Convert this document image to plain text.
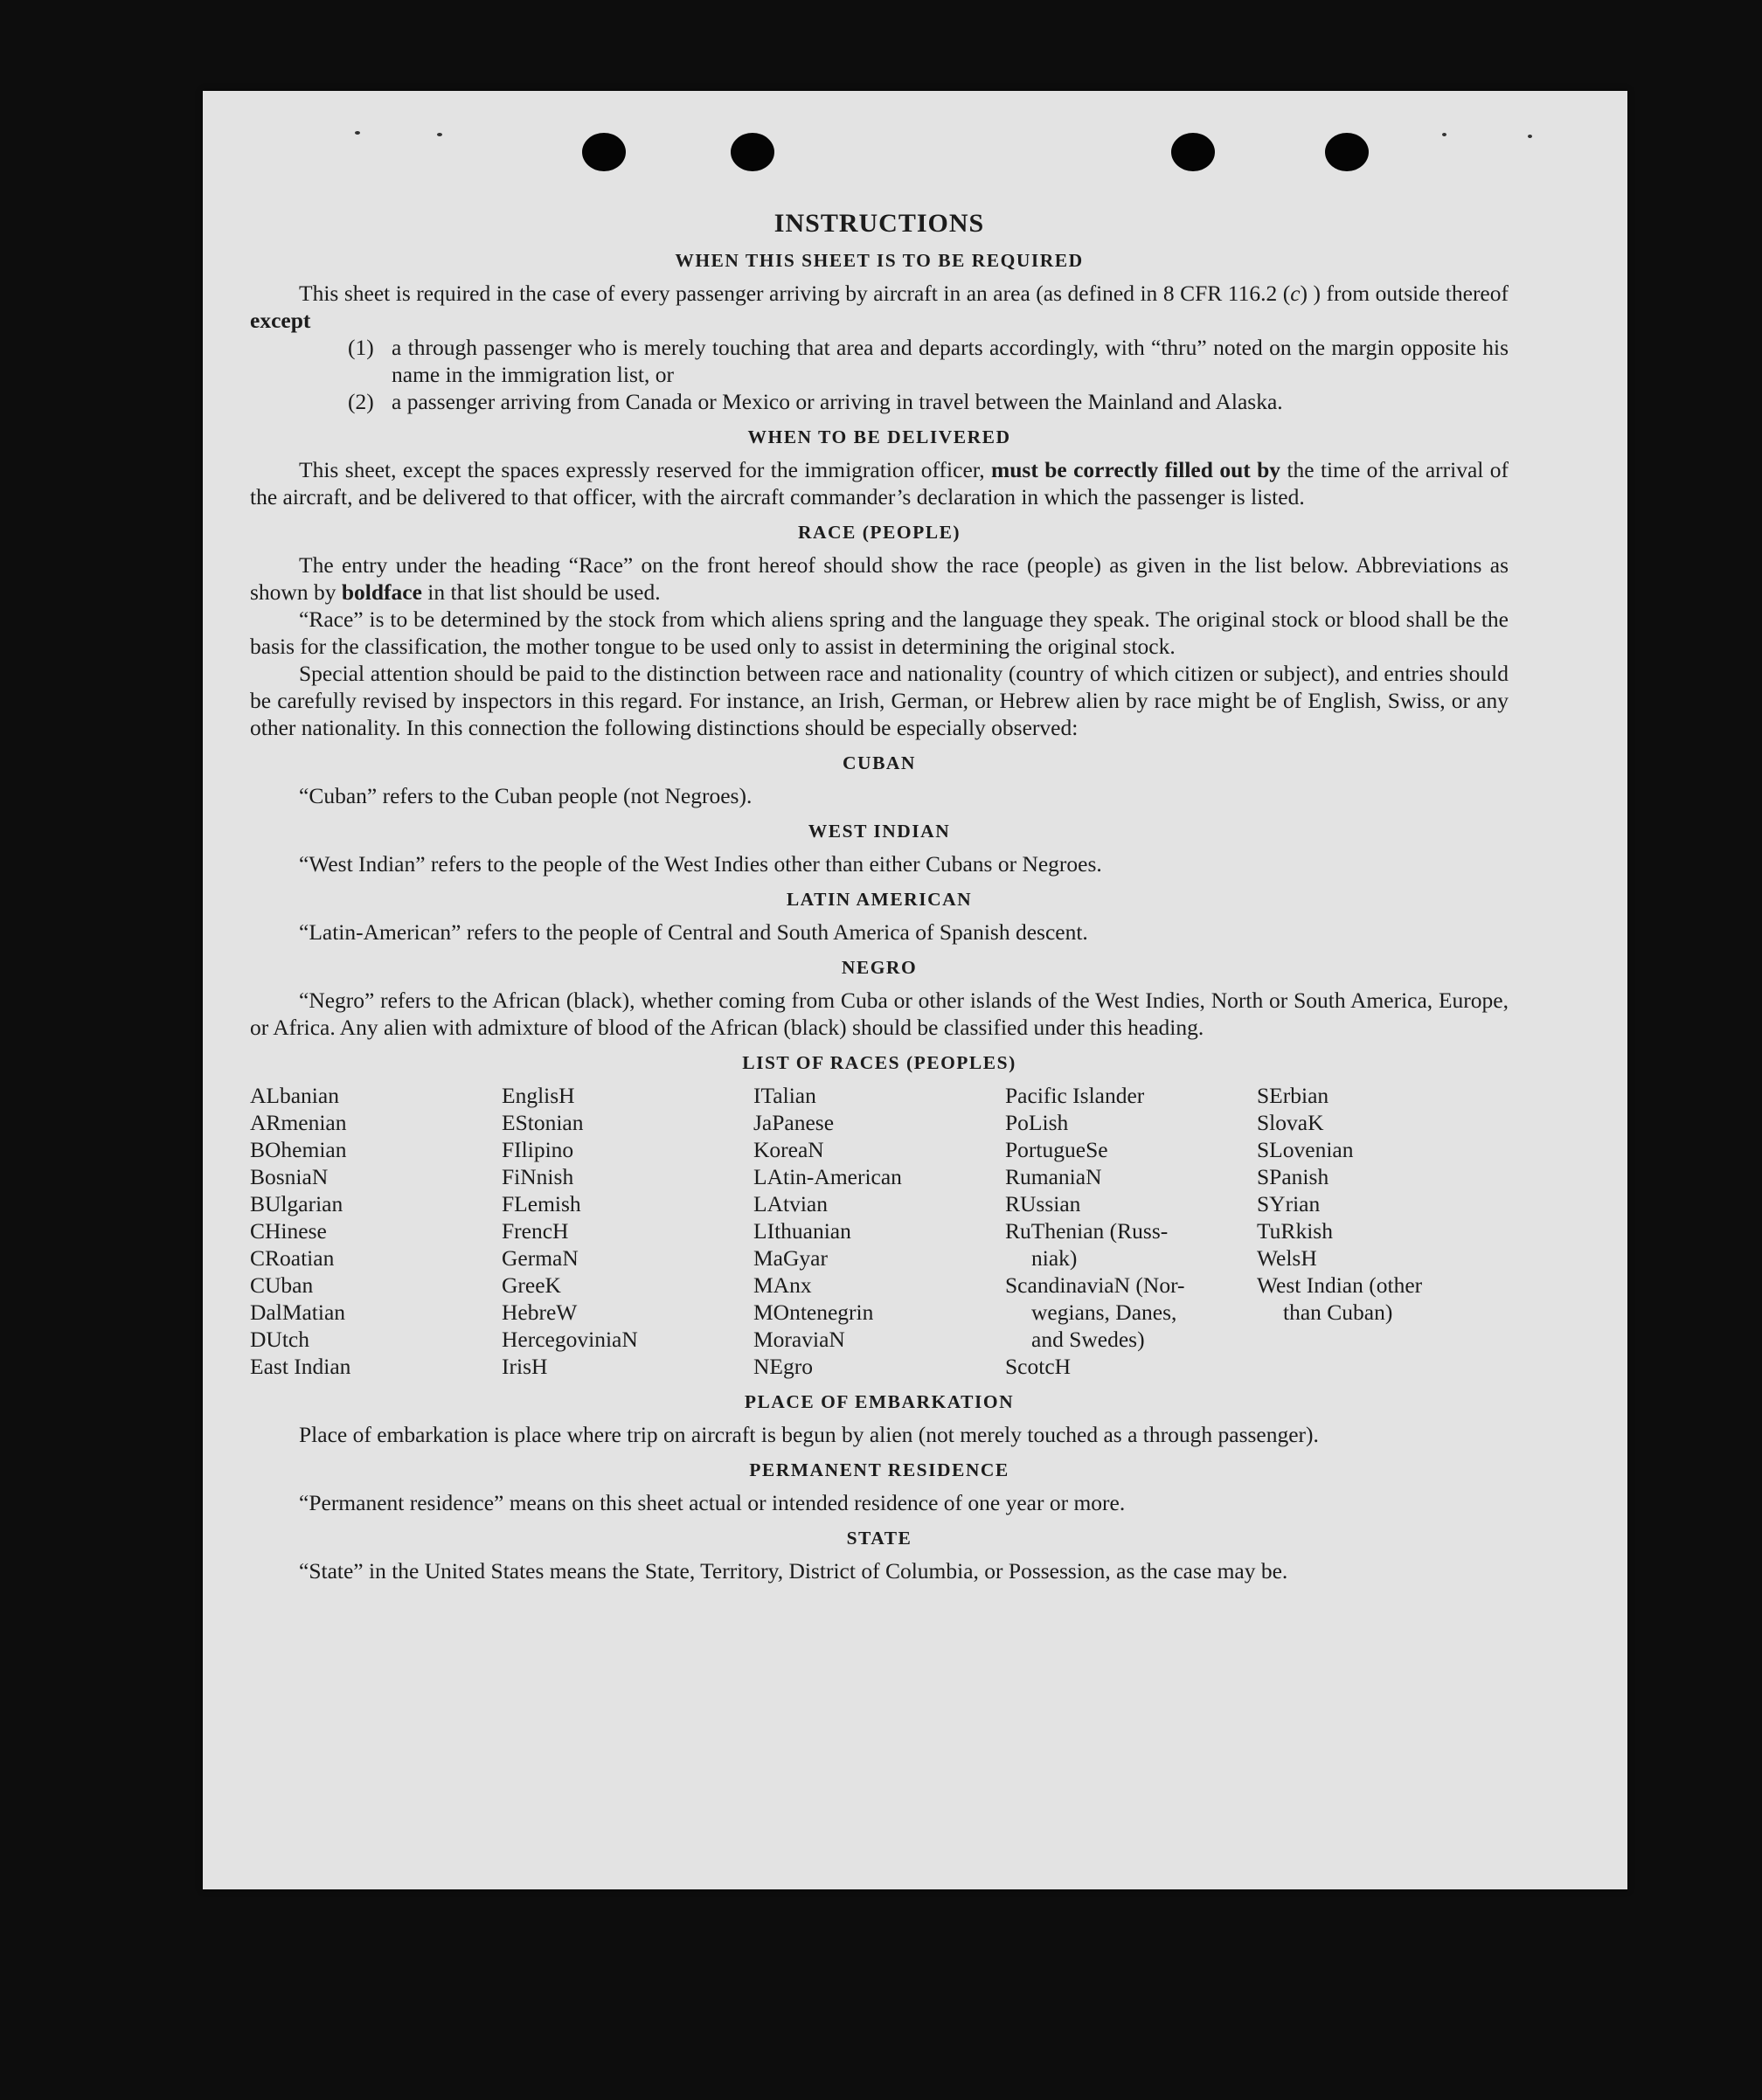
INSTRUCTIONS
WHEN THIS SHEET IS TO BE REQUIRED

This sheet is required in the case of every passenger arriving by aircraft in an area (as defined in 8 CFR 116.2 (c) ) from outside thereof except

(1) a through passenger who is merely touching that area and departs accordingly, with “thru” noted on the margin opposite his name in the immigration list, or
(2) a passenger arriving from Canada or Mexico or arriving in travel between the Mainland and Alaska.
WHEN TO BE DELIVERED

This sheet, except the spaces expressly reserved for the immigration officer, must be correctly filled out by the time of the arrival of the aircraft, and be delivered to that officer, with the aircraft commander’s declaration in which the passenger is listed.

RACE (PEOPLE)

The entry under the heading “Race” on the front hereof should show the race (people) as given in the list below. Abbreviations as shown by boldface in that list should be used.

“Race” is to be determined by the stock from which aliens spring and the language they speak. The original stock or blood shall be the basis for the classification, the mother tongue to be used only to assist in determining the original stock.

Special attention should be paid to the distinction between race and nationality (country of which citizen or subject), and entries should be carefully revised by inspectors in this regard. For instance, an Irish, German, or Hebrew alien by race might be of English, Swiss, or any other nationality. In this connection the following distinctions should be especially observed:

CUBAN

“Cuban” refers to the Cuban people (not Negroes).

WEST INDIAN

“West Indian” refers to the people of the West Indies other than either Cubans or Negroes.

LATIN AMERICAN

“Latin-American” refers to the people of Central and South America of Spanish descent.

NEGRO

“Negro” refers to the African (black), whether coming from Cuba or other islands of the West Indies, North or South America, Europe, or Africa. Any alien with admixture of blood of the African (black) should be classified under this heading.

LIST OF RACES (PEOPLES)
ALbanian
ARmenian
BOhemian
BosniaN
BUlgarian
CHinese
CRoatian
CUban
DalMatian
DUtch
East Indian
EnglisH
EStonian
FIlipino
FiNnish
FLemish
FrencH
GermaN
GreeK
HebreW
HercegoviniaN
IrisH
ITalian
JaPanese
KoreaN
LAtin-American
LAtvian
LIthuanian
MaGyar
MAnx
MOntenegrin
MoraviaN
NEgro
Pacific Islander
PoLish
PortugueSe
RumaniaN
RUssian
RuThenian (Russ-
niak)
ScandinaviaN (Nor-
wegians, Danes,
and Swedes)
ScotcH
SErbian
SlovaK
SLovenian
SPanish
SYrian
TuRkish
WelsH
West Indian (other
than Cuban)
PLACE OF EMBARKATION

Place of embarkation is place where trip on aircraft is begun by alien (not merely touched as a through passenger).

PERMANENT RESIDENCE

“Permanent residence” means on this sheet actual or intended residence of one year or more.

STATE

“State” in the United States means the State, Territory, District of Columbia, or Possession, as the case may be.
